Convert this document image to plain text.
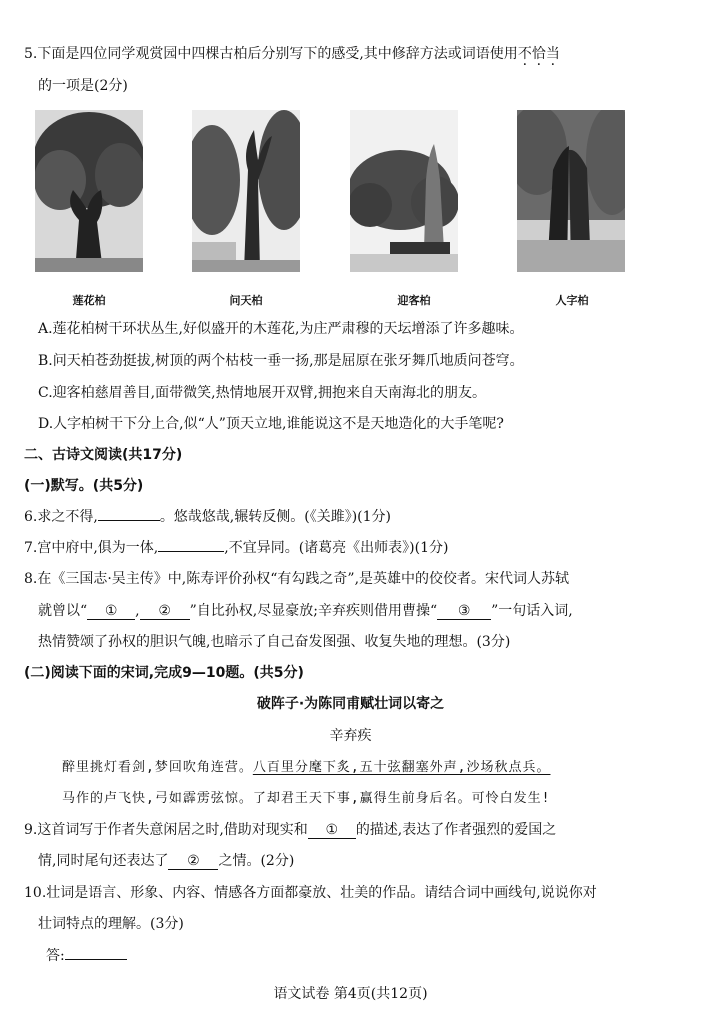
5.下面是四位同学观赏园中四棵古柏后分别写下的感受,其中修辞方法或词语使用不恰当
的一项是(2分)
莲花柏	问天柏	迎客柏	人字柏
A.莲花柏树干环状丛生,好似盛开的木莲花,为庄严肃穆的天坛增添了许多趣味。
B.问天柏苍劲挺拔,树顶的两个枯枝一垂一扬,那是屈原在张牙舞爪地质问苍穹。
C.迎客柏慈眉善目,面带微笑,热情地展开双臂,拥抱来自天南海北的朋友。
D.人字柏树干下分上合,似“人”顶天立地,谁能说这不是天地造化的大手笔呢?
二、古诗文阅读(共17分)
(一)默写。(共5分)
6.求之不得,	。悠哉悠哉,辗转反侧。(《关雎》)(1分)
7.宫中府中,俱为一体,	,不宜异同。(诸葛亮《出师表》)(1分)
8.在《三国志·吴主传》中,陈寿评价孙权“有勾践之奇”,是英雄中的佼佼者。宋代词人苏轼
就曾以“ ① , ② ”自比孙权,尽显豪放;辛弃疾则借用曹操“ ③ ”一句话入词,
热情赞颂了孙权的胆识气魄,也暗示了自己奋发图强、收复失地的理想。(3分)
(二)阅读下面的宋词,完成9—10题。(共5分)
破阵子·为陈同甫赋壮词以寄之
辛弃疾
醉里挑灯看剑,梦回吹角连营。八百里分麾下炙,五十弦翻塞外声,沙场秋点兵。
马作的卢飞快,弓如霹雳弦惊。了却君王天下事,赢得生前身后名。可怜白发生!
9.这首词写于作者失意闲居之时,借助对现实和 ① 的描述,表达了作者强烈的爱国之
情,同时尾句还表达了 ② 之情。(2分)
10.壮词是语言、形象、内容、情感各方面都豪放、壮美的作品。请结合词中画线句,说说你对
壮词特点的理解。(3分)
答:
语文试卷 第4页(共12页)
